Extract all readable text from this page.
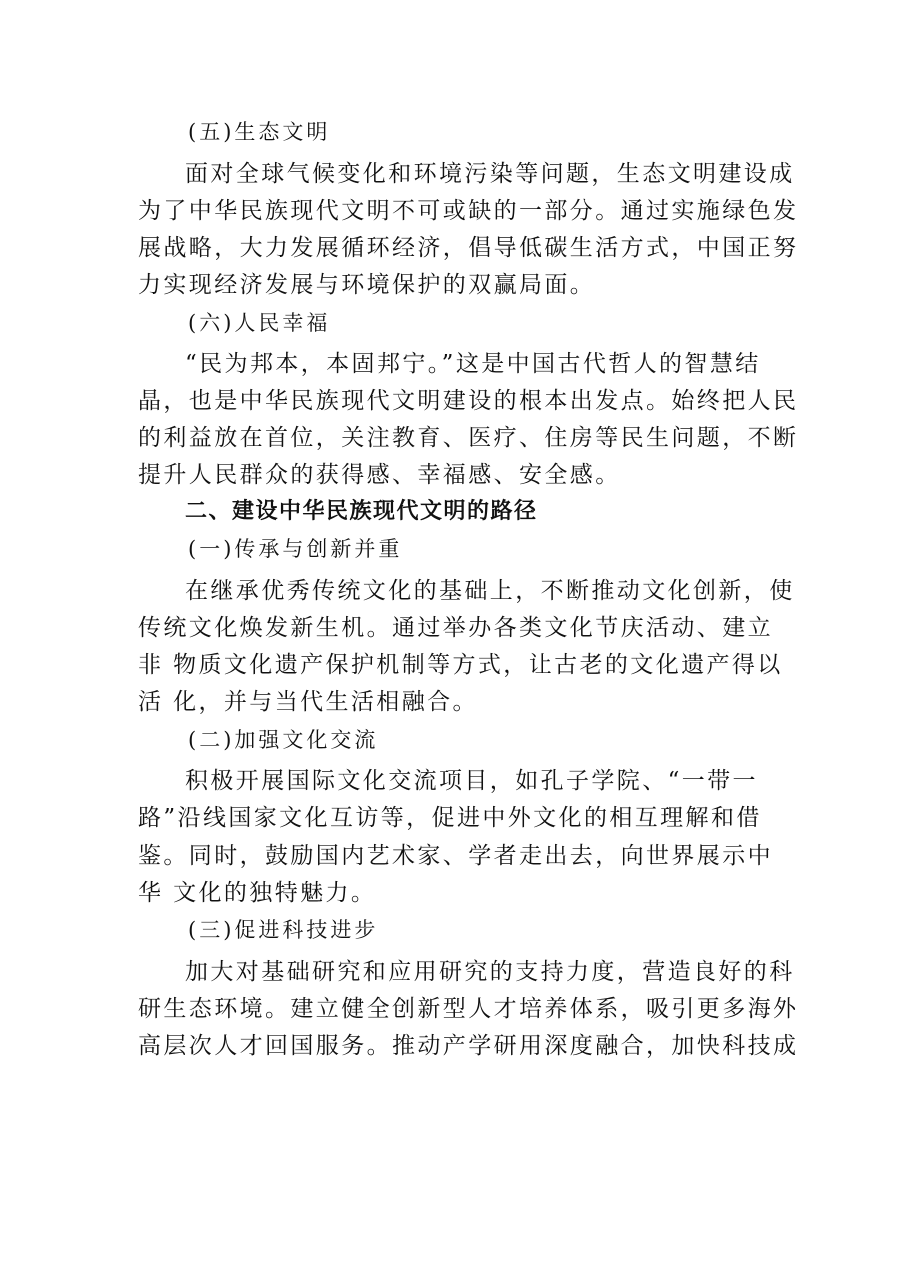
(五)生态文明
面对全球气候变化和环境污染等问题，生态文明建设成
为了中华民族现代文明不可或缺的一部分。通过实施绿色发
展战略，大力发展循环经济，倡导低碳生活方式，中国正努
力实现经济发展与环境保护的双赢局面。
(六)人民幸福
“民为邦本，本固邦宁。”这是中国古代哲人的智慧结
晶，也是中华民族现代文明建设的根本出发点。始终把人民
的利益放在首位，关注教育、医疗、住房等民生问题，不断
提升人民群众的获得感、幸福感、安全感。
二、建设中华民族现代文明的路径
(一)传承与创新并重
在继承优秀传统文化的基础上，不断推动文化创新，使
传统文化焕发新生机。通过举办各类文化节庆活动、建立
非 物质文化遗产保护机制等方式，让古老的文化遗产得以
活 化，并与当代生活相融合。
(二)加强文化交流
积极开展国际文化交流项目，如孔子学院、“一带一
路”沿线国家文化互访等，促进中外文化的相互理解和借
鉴。同时，鼓励国内艺术家、学者走出去，向世界展示中
华 文化的独特魅力。
(三)促进科技进步
加大对基础研究和应用研究的支持力度，营造良好的科
研生态环境。建立健全创新型人才培养体系，吸引更多海外
高层次人才回国服务。推动产学研用深度融合，加快科技成
